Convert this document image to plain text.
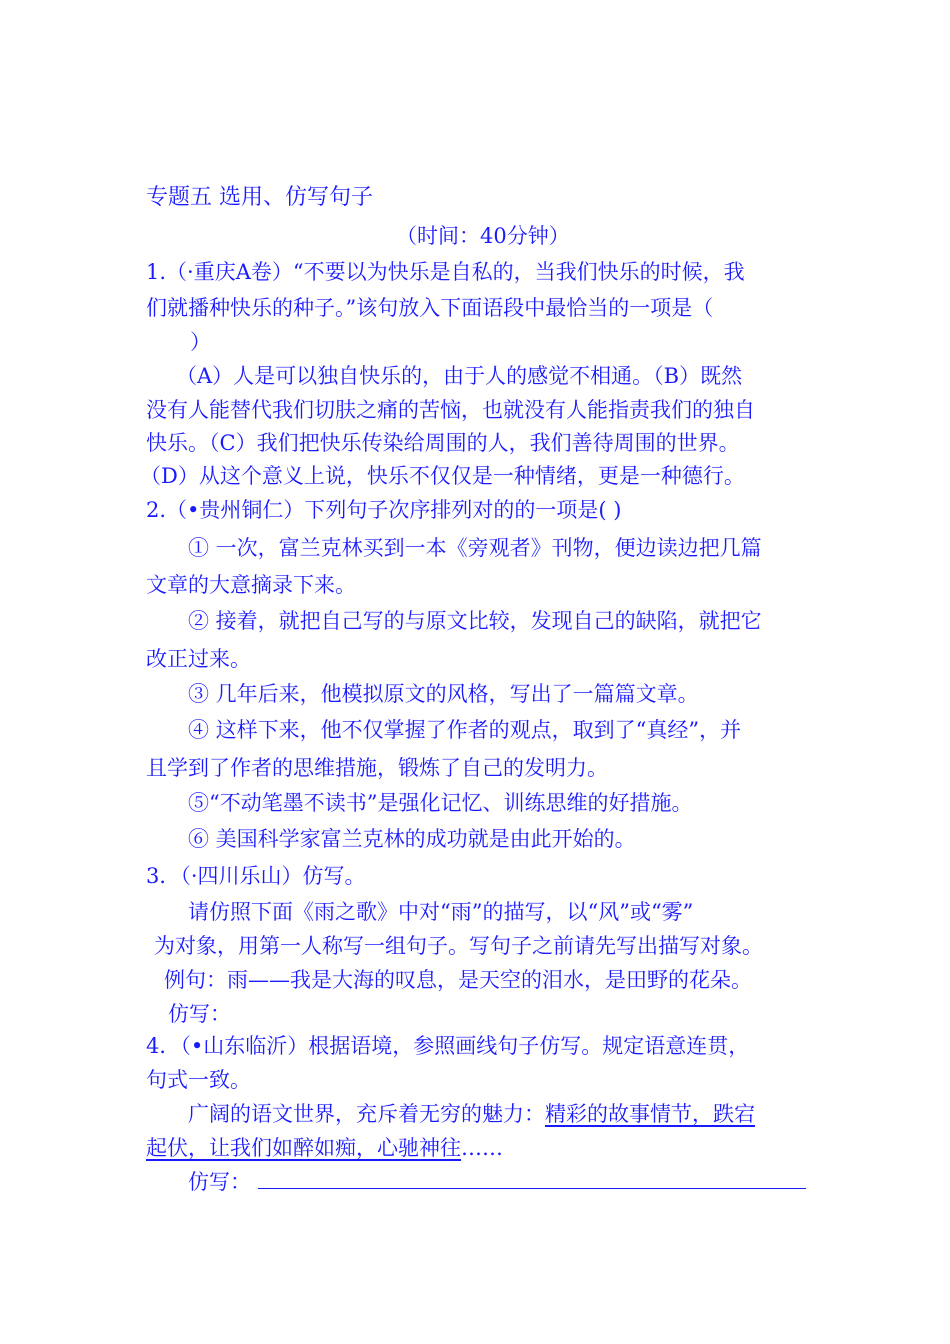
专题五 选用、仿写句子
（时间：40分钟）
1.（·重庆A卷）“不要以为快乐是自私的，当我们快乐的时候，我
们就播种快乐的种子。”该句放入下面语段中最恰当的一项是（
）
（A）人是可以独自快乐的，由于人的感觉不相通。（B）既然
没有人能替代我们切肤之痛的苦恼，也就没有人能指责我们的独自
快乐。（C）我们把快乐传染给周围的人，我们善待周围的世界。
（D）从这个意义上说，快乐不仅仅是一种情绪，更是一种德行。
2.（•贵州铜仁）下列句子次序排列对的的一项是( )
① 一次，富兰克林买到一本《旁观者》刊物，便边读边把几篇
文章的大意摘录下来。
② 接着，就把自己写的与原文比较，发现自己的缺陷，就把它
改正过来。
③ 几年后来，他模拟原文的风格，写出了一篇篇文章。
④ 这样下来，他不仅掌握了作者的观点，取到了“真经”，并
且学到了作者的思维措施，锻炼了自己的发明力。
⑤“不动笔墨不读书”是强化记忆、训练思维的好措施。
⑥ 美国科学家富兰克林的成功就是由此开始的。
3．（·四川乐山）仿写。
请仿照下面《雨之歌》中对“雨”的描写，以“风”或“雾”
为对象，用第一人称写一组句子。写句子之前请先写出描写对象。
例句：雨——我是大海的叹息，是天空的泪水，是田野的花朵。
仿写：
4．（•山东临沂）根据语境，参照画线句子仿写。规定语意连贯，
句式一致。
广阔的语文世界，充斥着无穷的魅力：精彩的故事情节，跌宕
起伏，让我们如醉如痴，心驰神往……
仿写：
